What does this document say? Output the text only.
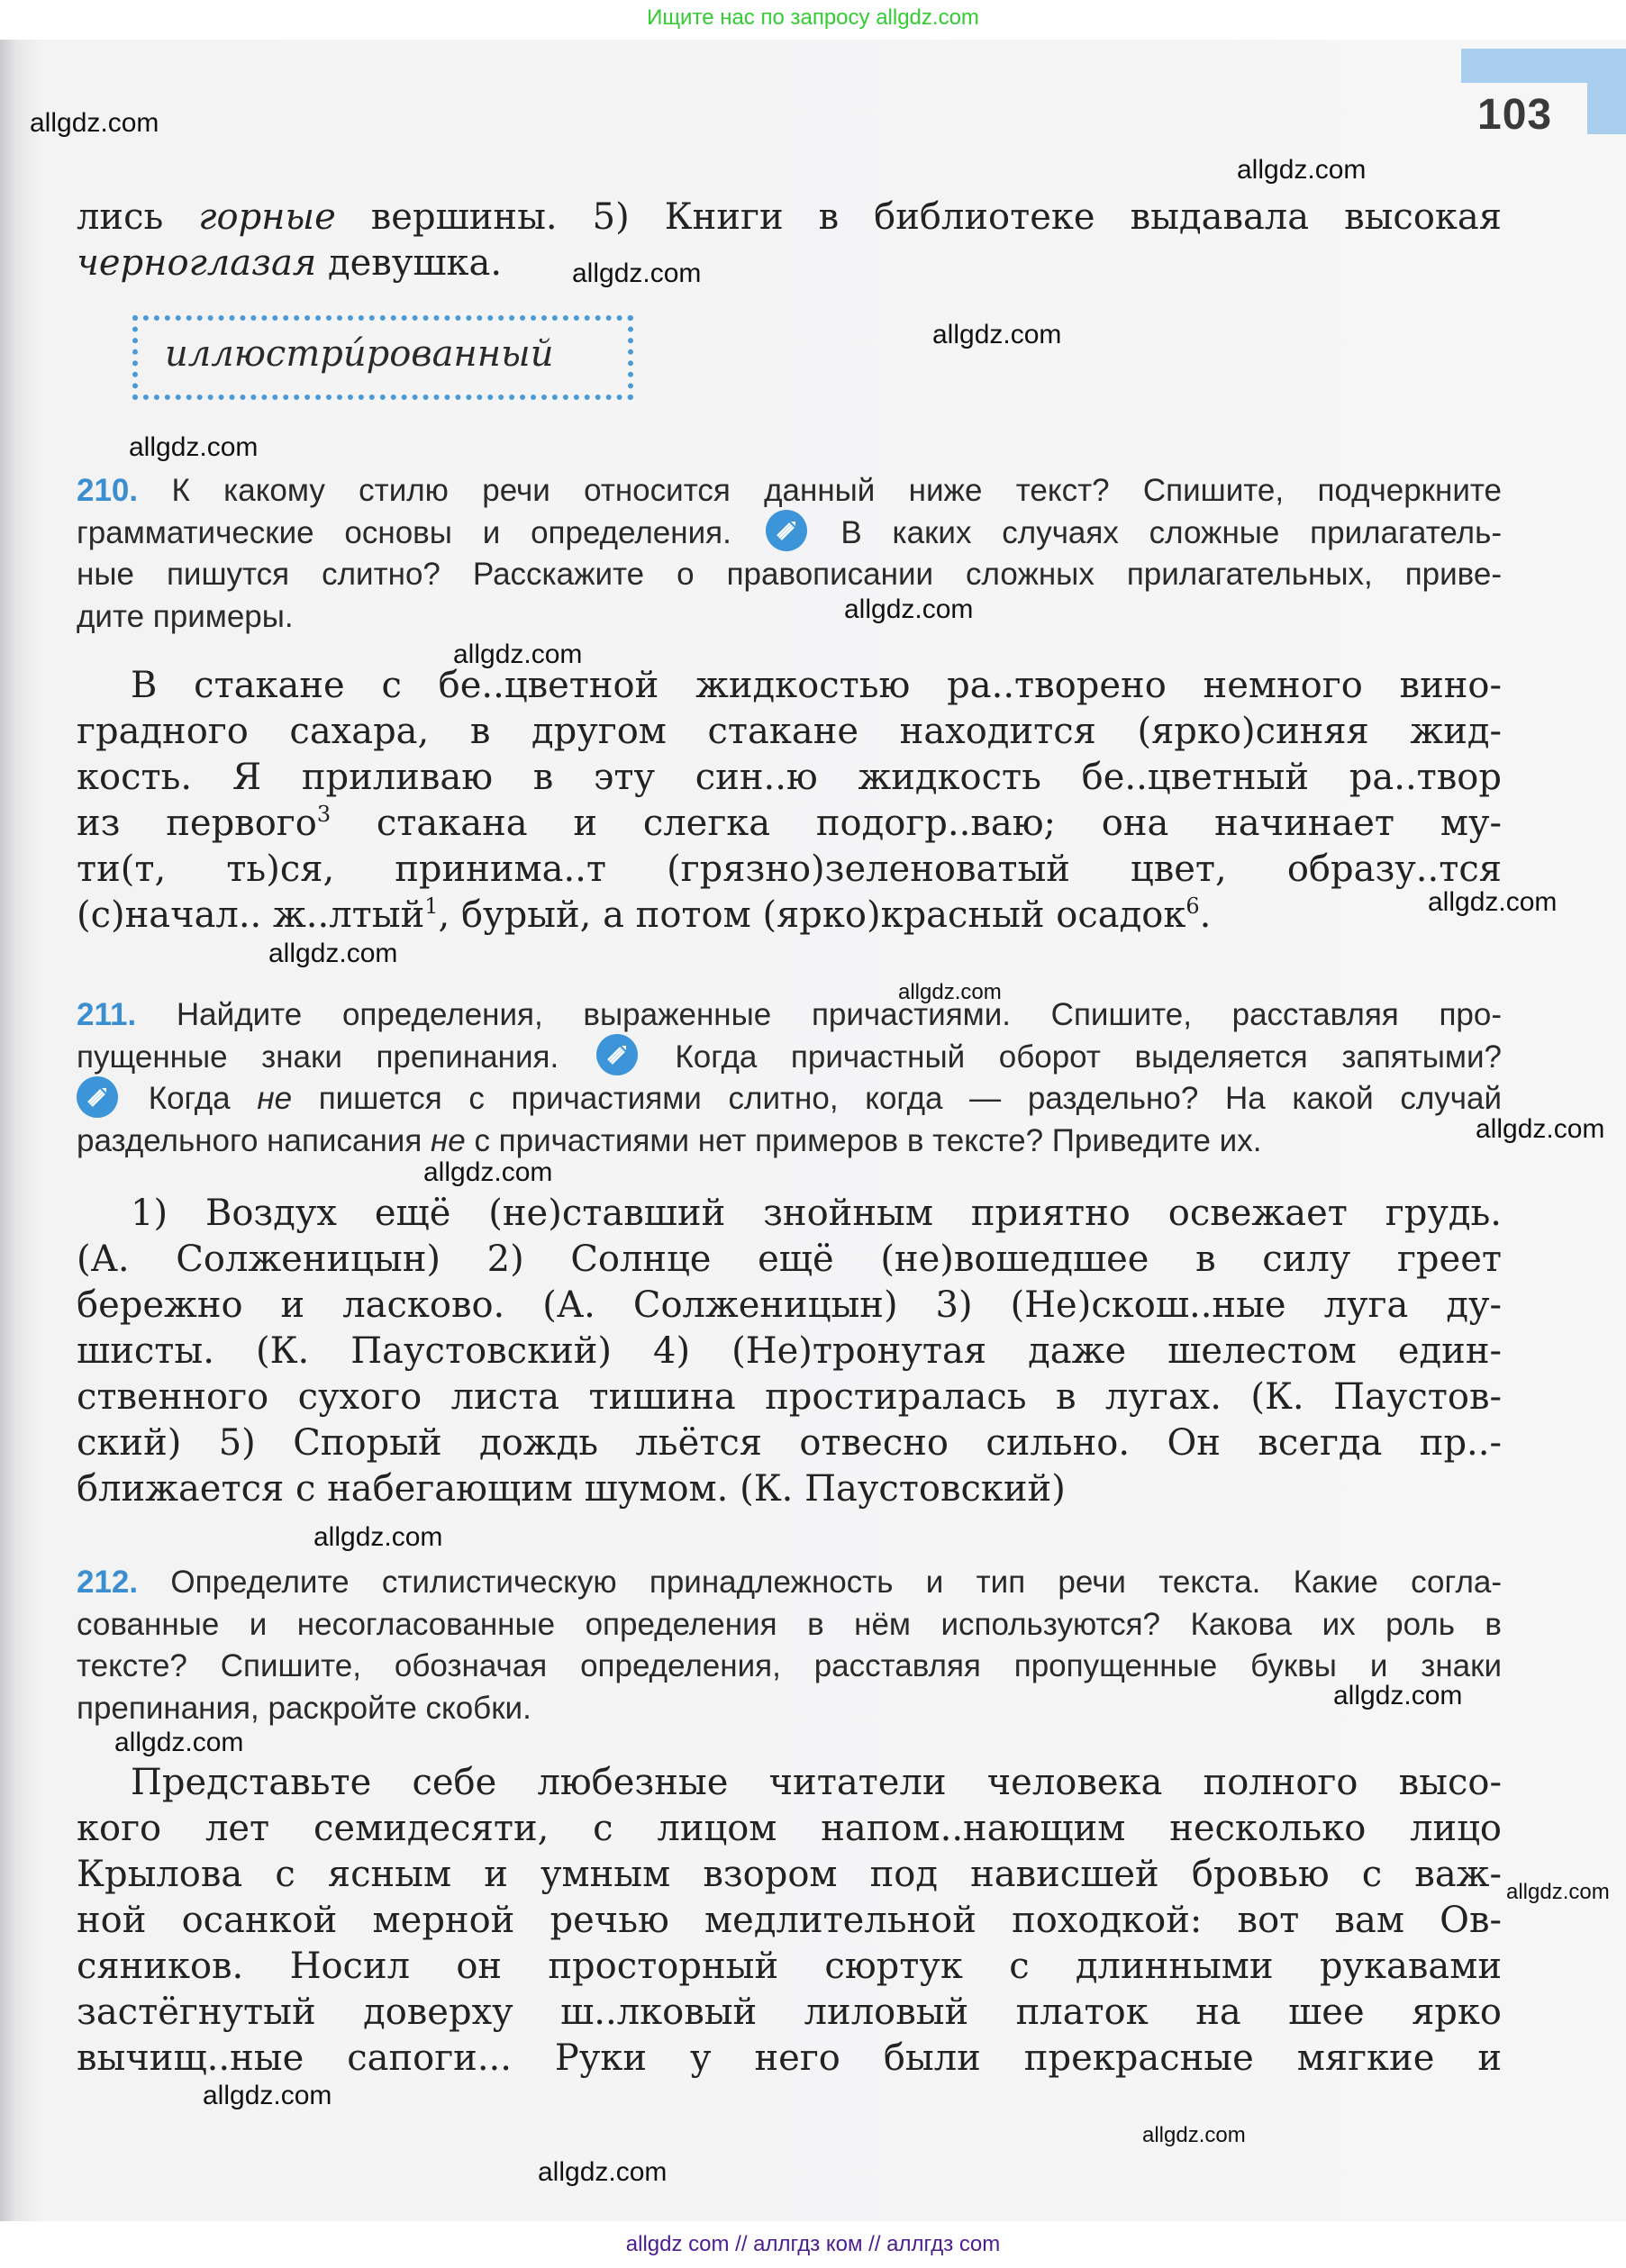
Ищите нас по запросу allgdz.com
103
лись горные вершины. 5) Книги в библиотеке выдавала высокая
черноглазая девушка.
иллюстри́рованный
210. К какому стилю речи относится данный ниже текст? Спишите, подчеркните
грамматические основы и определения.	В каких случаях сложные прилагатель-
ные пишутся слитно? Расскажите о правописании сложных прилагательных, приве-
дите примеры.
В стакане с бе..цветной жидкостью ра..творено немного вино-
градного сахара, в другом стакане находится (ярко)синяя жид-
кость. Я приливаю в эту син..ю жидкость бе..цветный ра..твор
из первого$^3$ стакана и слегка подогр..ваю; она начинает му-
ти(т, ть)ся, принима..т (грязно)зеленоватый цвет, образу..тся
(с)начал.. ж..лтый$^1$, бурый, а потом (ярко)красный осадок$^6$.
211. Найдите определения, выраженные причастиями. Спишите, расставляя про-
пущенные знаки препинания.	Когда причастный оборот выделяется запятыми?
Когда не пишется с причастиями слитно, когда — раздельно? На какой случай
раздельного написания не с причастиями нет примеров в тексте? Приведите их.
1) Воздух ещё (не)ставший знойным приятно освежает грудь.
(А. Солженицын) 2) Солнце ещё (не)вошедшее в силу греет
бережно и ласково. (А. Солженицын) 3) (Не)скош..ные луга ду-
шисты. (К. Паустовский) 4) (Не)тронутая даже шелестом един-
ственного сухого листа тишина простиралась в лугах. (К. Паустов-
ский) 5) Спорый дождь льётся отвесно сильно. Он всегда пр..-
ближается с набегающим шумом. (К. Паустовский)
212. Определите стилистическую принадлежность и тип речи текста. Какие согла-
сованные и несогласованные определения в нём используются? Какова их роль в
тексте? Спишите, обозначая определения, расставляя пропущенные буквы и знаки
препинания, раскройте скобки.
Представьте себе любезные читатели человека полного высо-
кого лет семидесяти, с лицом напом..нающим несколько лицо
Крылова с ясным и умным взором под нависшей бровью с важ-
ной осанкой мерной речью медлительной походкой: вот вам Ов-
сяников. Носил он просторный сюртук с длинными рукавами
застёгнутый доверху ш..лковый лиловый платок на шее ярко
вычищ..ные сапоги... Руки у него были прекрасные мягкие и
allgdz.com
allgdz.com
allgdz.com
allgdz.com
allgdz.com
allgdz.com
allgdz.com
allgdz.com
allgdz.com
allgdz.com
allgdz.com
allgdz.com
allgdz.com
allgdz.com
allgdz.com
allgdz.com
allgdz.com
allgdz.com
allgdz.com
allgdz com // аллгдз ком // аллгдз com
